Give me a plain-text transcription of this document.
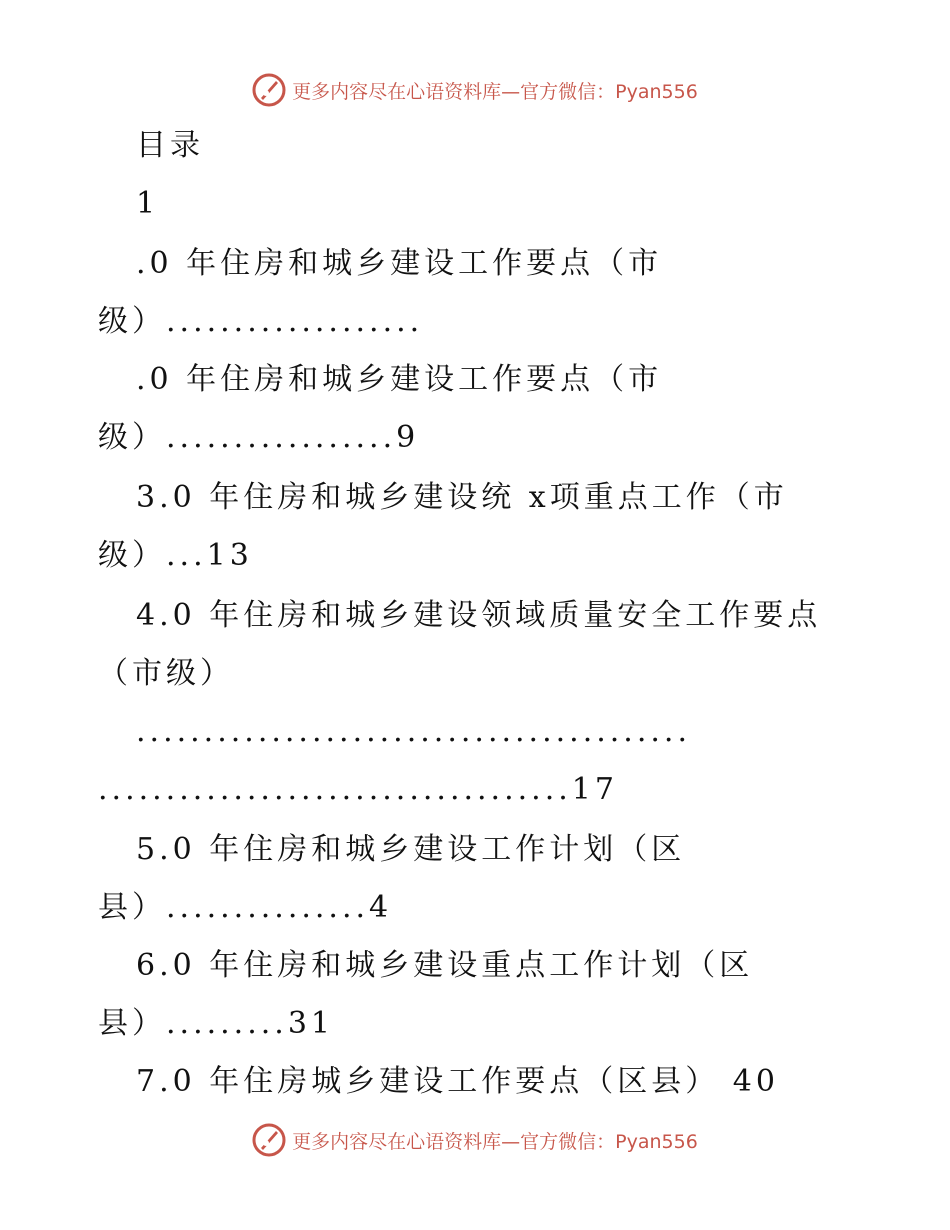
更多内容尽在心语资料库—官方微信：Pyan556
目录
1
.0 年住房和城乡建设工作要点（市
级）...................
.0 年住房和城乡建设工作要点（市
级）.................9
3.0 年住房和城乡建设统 x项重点工作（市
级）...13
4.0 年住房和城乡建设领域质量安全工作要点
（市级）
.........................................
...................................17
5.0 年住房和城乡建设工作计划（区
县）...............4
6.0 年住房和城乡建设重点工作计划（区
县）.........31
7.0 年住房城乡建设工作要点（区县） 40
更多内容尽在心语资料库—官方微信：Pyan556
